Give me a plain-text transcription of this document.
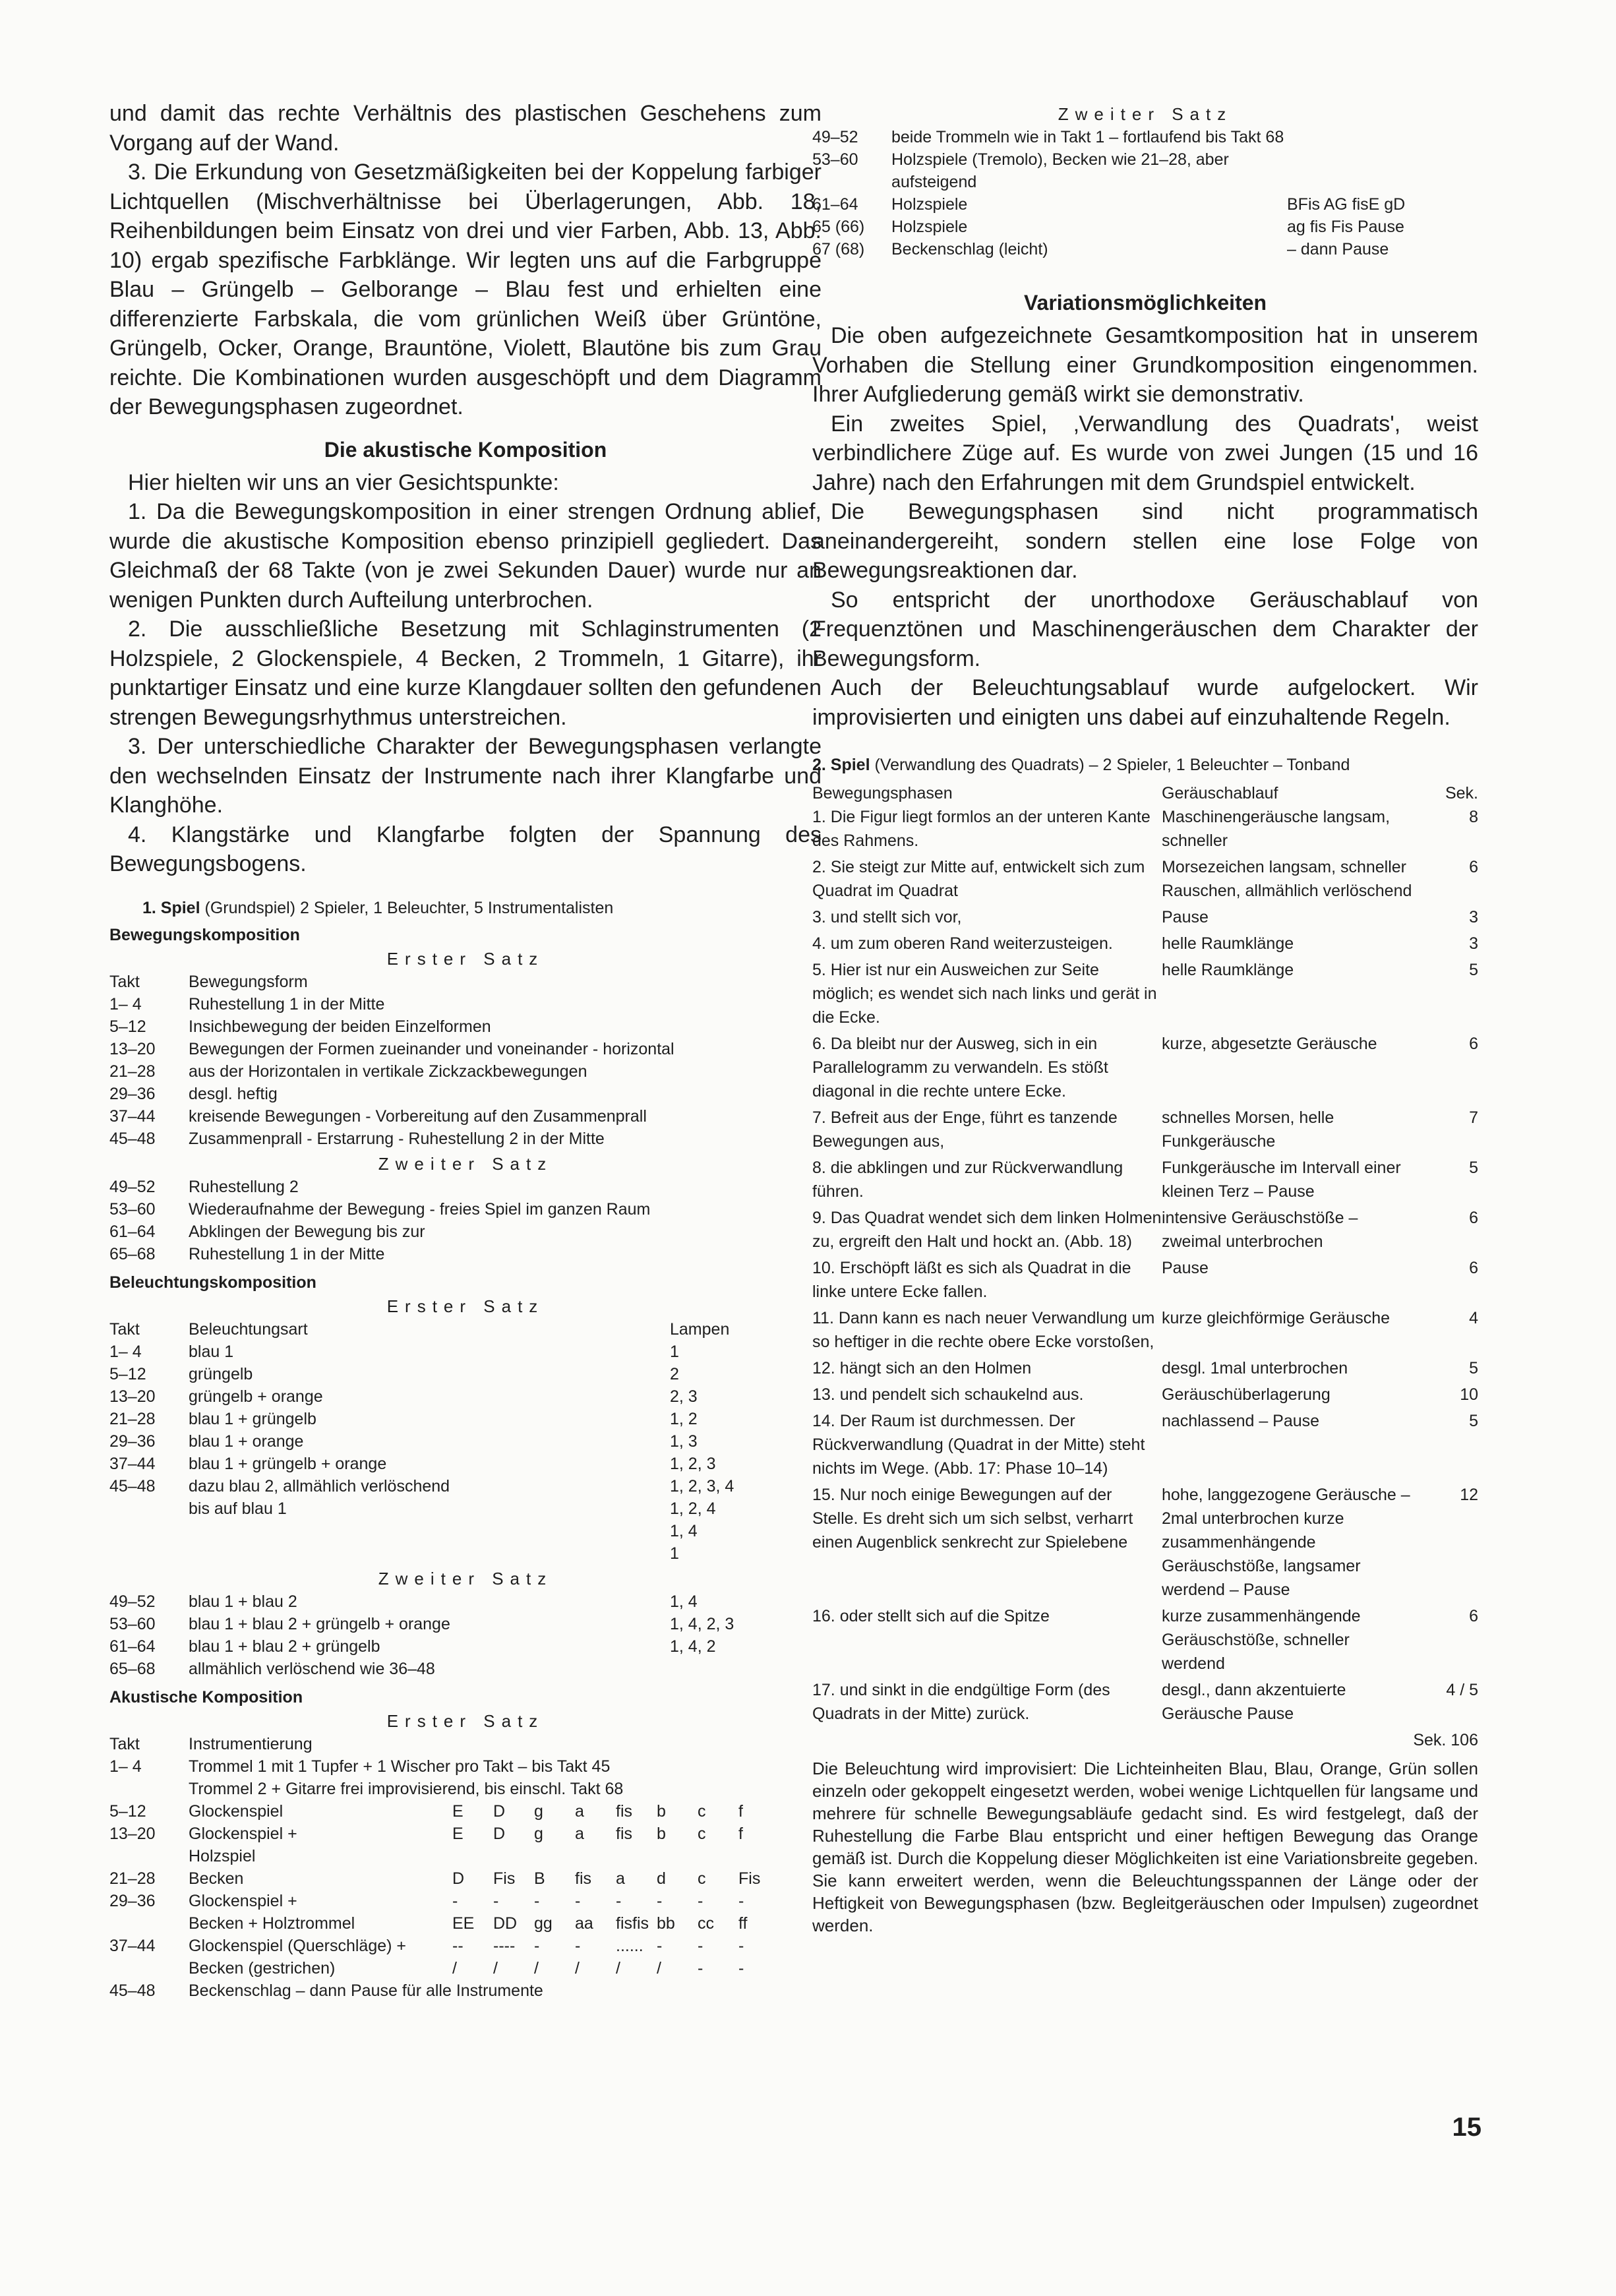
und damit das rechte Verhältnis des plastischen Geschehens zum Vorgang auf der Wand.

3. Die Erkundung von Gesetzmäßigkeiten bei der Koppelung farbiger Lichtquellen (Mischverhältnisse bei Überlagerungen, Abb. 18, Reihenbildungen beim Einsatz von drei und vier Farben, Abb. 13, Abb. 10) ergab spezifische Farbklänge. Wir legten uns auf die Farbgruppe Blau – Grüngelb – Gelborange – Blau fest und erhielten eine differenzierte Farbskala, die vom grünlichen Weiß über Grüntöne, Grüngelb, Ocker, Orange, Brauntöne, Violett, Blautöne bis zum Grau reichte. Die Kombinationen wurden ausgeschöpft und dem Diagramm der Bewegungsphasen zugeordnet.

Die akustische Komposition

Hier hielten wir uns an vier Gesichtspunkte:

1. Da die Bewegungskomposition in einer strengen Ordnung ablief, wurde die akustische Komposition ebenso prinzipiell gegliedert. Das Gleichmaß der 68 Takte (von je zwei Sekunden Dauer) wurde nur an wenigen Punkten durch Aufteilung unterbrochen.

2. Die ausschließliche Besetzung mit Schlaginstrumenten (2 Holzspiele, 2 Glockenspiele, 4 Becken, 2 Trommeln, 1 Gitarre), ihr punktartiger Einsatz und eine kurze Klangdauer sollten den gefundenen strengen Bewegungsrhythmus unterstreichen.

3. Der unterschiedliche Charakter der Bewegungsphasen verlangte den wechselnden Einsatz der Instrumente nach ihrer Klangfarbe und Klanghöhe.

4. Klangstärke und Klangfarbe folgten der Spannung des Bewegungsbogens.

1. Spiel (Grundspiel) 2 Spieler, 1 Beleuchter, 5 Instrumentalisten
Bewegungskomposition
Erster Satz
Takt	Bewegungsform
1– 4	Ruhestellung 1 in der Mitte
5–12	Insichbewegung der beiden Einzelformen
13–20	Bewegungen der Formen zueinander und voneinander - horizontal
21–28	aus der Horizontalen in vertikale Zickzackbewegungen
29–36	desgl. heftig
37–44	kreisende Bewegungen - Vorbereitung auf den Zusammenprall
45–48	Zusammenprall - Erstarrung - Ruhestellung 2 in der Mitte
Zweiter Satz
49–52	Ruhestellung 2
53–60	Wiederaufnahme der Bewegung - freies Spiel im ganzen Raum
61–64	Abklingen der Bewegung bis zur
65–68	Ruhestellung 1 in der Mitte
Beleuchtungskomposition
Erster Satz
Takt	Beleuchtungsart	Lampen
1– 4	blau 1	1
5–12	grüngelb	2
13–20	grüngelb + orange	2, 3
21–28	blau 1 + grüngelb	1, 2
29–36	blau 1 + orange	1, 3
37–44	blau 1 + grüngelb + orange	1, 2, 3
45–48	dazu blau 2, allmählich verlöschend	1, 2, 3, 4
	bis auf blau 1	1, 2, 4
		1, 4
		1
Zweiter Satz
49–52	blau 1 + blau 2	1, 4
53–60	blau 1 + blau 2 + grüngelb + orange	1, 4, 2, 3
61–64	blau 1 + blau 2 + grüngelb	1, 4, 2
65–68	allmählich verlöschend wie 36–48	
Akustische Komposition
Erster Satz
Takt	Instrumentierung
1– 4	Trommel 1 mit 1 Tupfer + 1 Wischer pro Takt – bis Takt 45
	Trommel 2 + Gitarre frei improvisierend, bis einschl. Takt 68
5–12	Glockenspiel	E	D	g	a	fis	b	c	f
13–20	Glockenspiel +	E	D	g	a	fis	b	c	f
	Holzspiel								
21–28	Becken	D	Fis	B	fis	a	d	c	Fis
29–36	Glockenspiel +	-	-	-	-	-	-	-	-
	Becken + Holztrommel	EE	DD	gg	aa	fisfis	bb	cc	ff
37–44	Glockenspiel (Querschläge) +	--	----	-	-	......	-	-	-
	Becken (gestrichen)	/	/	/	/	/	/	-	-
45–48	Beckenschlag – dann Pause für alle Instrumente
Zweiter Satz
49–52	beide Trommeln wie in Takt 1 – fortlaufend bis Takt 68	
53–60	Holzspiele (Tremolo), Becken wie 21–28, aber aufsteigend	
61–64	Holzspiele	BFis AG fisE gD
65 (66)	Holzspiele	ag fis Fis Pause
67 (68)	Beckenschlag (leicht)	– dann Pause
Variationsmöglichkeiten

Die oben aufgezeichnete Gesamtkomposition hat in unserem Vorhaben die Stellung einer Grundkomposition eingenommen. Ihrer Aufgliederung gemäß wirkt sie demonstrativ.

Ein zweites Spiel, ‚Verwandlung des Quadrats', weist verbindlichere Züge auf. Es wurde von zwei Jungen (15 und 16 Jahre) nach den Erfahrungen mit dem Grundspiel entwickelt.

Die Bewegungsphasen sind nicht programmatisch aneinandergereiht, sondern stellen eine lose Folge von Bewegungsreaktionen dar.

So entspricht der unorthodoxe Geräuschablauf von Frequenztönen und Maschinengeräuschen dem Charakter der Bewegungsform.

Auch der Beleuchtungsablauf wurde aufgelockert. Wir improvisierten und einigten uns dabei auf einzuhaltende Regeln.

2. Spiel (Verwandlung des Quadrats) – 2 Spieler, 1 Beleuchter – Tonband
Bewegungsphasen	Geräuschablauf	Sek.
1. Die Figur liegt formlos an der unteren Kante des Rahmens.	Maschinengeräusche langsam, schneller	8
2. Sie steigt zur Mitte auf, entwickelt sich zum Quadrat im Quadrat	Morsezeichen langsam, schneller Rauschen, allmählich verlöschend	6
3. und stellt sich vor,	Pause	3
4. um zum oberen Rand weiterzusteigen.	helle Raumklänge	3
5. Hier ist nur ein Ausweichen zur Seite möglich; es wendet sich nach links und gerät in die Ecke.	helle Raumklänge	5
6. Da bleibt nur der Ausweg, sich in ein Parallelogramm zu verwandeln. Es stößt diagonal in die rechte untere Ecke.	kurze, abgesetzte Geräusche	6
7. Befreit aus der Enge, führt es tanzende Bewegungen aus,	schnelles Morsen, helle Funkgeräusche	7
8. die abklingen und zur Rückverwandlung führen.	Funkgeräusche im Intervall einer kleinen Terz – Pause	5
9. Das Quadrat wendet sich dem linken Holmen zu, ergreift den Halt und hockt an. (Abb. 18)	intensive Geräuschstöße – zweimal unterbrochen	6
10. Erschöpft läßt es sich als Quadrat in die linke untere Ecke fallen.	Pause	6
11. Dann kann es nach neuer Verwandlung um so heftiger in die rechte obere Ecke vorstoßen,	kurze gleichförmige Geräusche	4
12. hängt sich an den Holmen	desgl. 1mal unterbrochen	5
13. und pendelt sich schaukelnd aus.	Geräuschüberlagerung	10
14. Der Raum ist durchmessen. Der Rückverwandlung (Quadrat in der Mitte) steht nichts im Wege. (Abb. 17: Phase 10–14)	nachlassend – Pause	5
15. Nur noch einige Bewegungen auf der Stelle. Es dreht sich um sich selbst, verharrt einen Augenblick senkrecht zur Spielebene	hohe, langgezogene Geräusche – 2mal unterbrochen kurze zusammenhängende Geräuschstöße, langsamer werdend – Pause	12
16. oder stellt sich auf die Spitze	kurze zusammenhängende Geräuschstöße, schneller werdend	6
17. und sinkt in die endgültige Form (des Quadrats in der Mitte) zurück.	desgl., dann akzentuierte Geräusche Pause	4 / 5
		Sek. 106

Die Beleuchtung wird improvisiert: Die Lichteinheiten Blau, Blau, Orange, Grün sollen einzeln oder gekoppelt eingesetzt werden, wobei wenige Lichtquellen für langsame und mehrere für schnelle Bewegungsabläufe gedacht sind. Es wird festgelegt, daß der Ruhestellung die Farbe Blau entspricht und einer heftigen Bewegung das Orange gemäß ist. Durch die Koppelung dieser Möglichkeiten ist eine Variationsbreite gegeben. Sie kann erweitert werden, wenn die Beleuchtungsspannen der Länge oder der Heftigkeit von Bewegungsphasen (bzw. Begleitgeräuschen oder Impulsen) zugeordnet werden.

15
